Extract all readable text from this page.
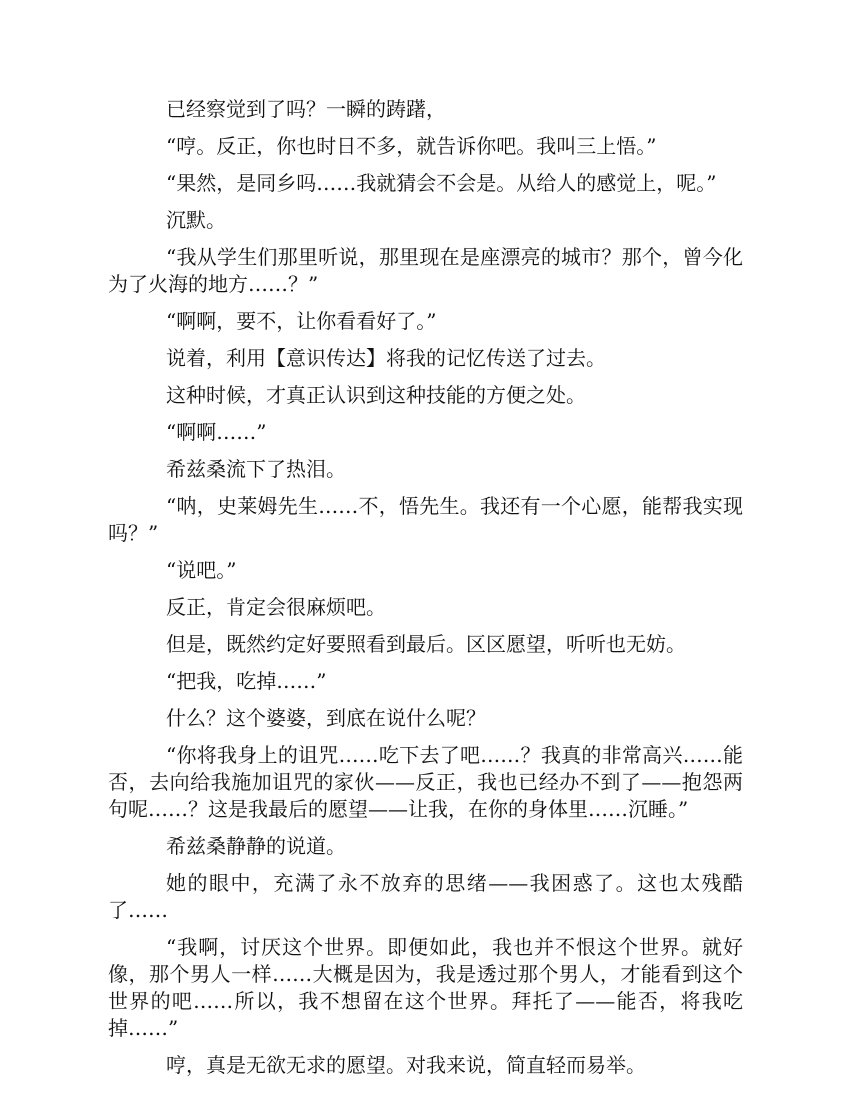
已经察觉到了吗？一瞬的踌躇，

“哼。反正，你也时日不多，就告诉你吧。我叫三上悟。”

“果然，是同乡吗……我就猜会不会是。从给人的感觉上，呢。”

沉默。

“我从学生们那里听说，那里现在是座漂亮的城市？那个，曾今化为了火海的地方……？”

“啊啊，要不，让你看看好了。”

说着，利用【意识传达】将我的记忆传送了过去。

这种时候，才真正认识到这种技能的方便之处。

“啊啊……”

希兹桑流下了热泪。

“呐，史莱姆先生……不，悟先生。我还有一个心愿，能帮我实现吗？”

“说吧。”

反正，肯定会很麻烦吧。

但是，既然约定好要照看到最后。区区愿望，听听也无妨。

“把我，吃掉……”

什么？这个婆婆，到底在说什么呢？

“你将我身上的诅咒……吃下去了吧……？我真的非常高兴……能否，去向给我施加诅咒的家伙——反正，我也已经办不到了——抱怨两句呢……？这是我最后的愿望——让我，在你的身体里……沉睡。”

希兹桑静静的说道。

她的眼中，充满了永不放弃的思绪——我困惑了。这也太残酷了……

“我啊，讨厌这个世界。即便如此，我也并不恨这个世界。就好像，那个男人一样……大概是因为，我是透过那个男人，才能看到这个世界的吧……所以，我不想留在这个世界。拜托了——能否，将我吃掉……”

哼，真是无欲无求的愿望。对我来说，简直轻而易举。
